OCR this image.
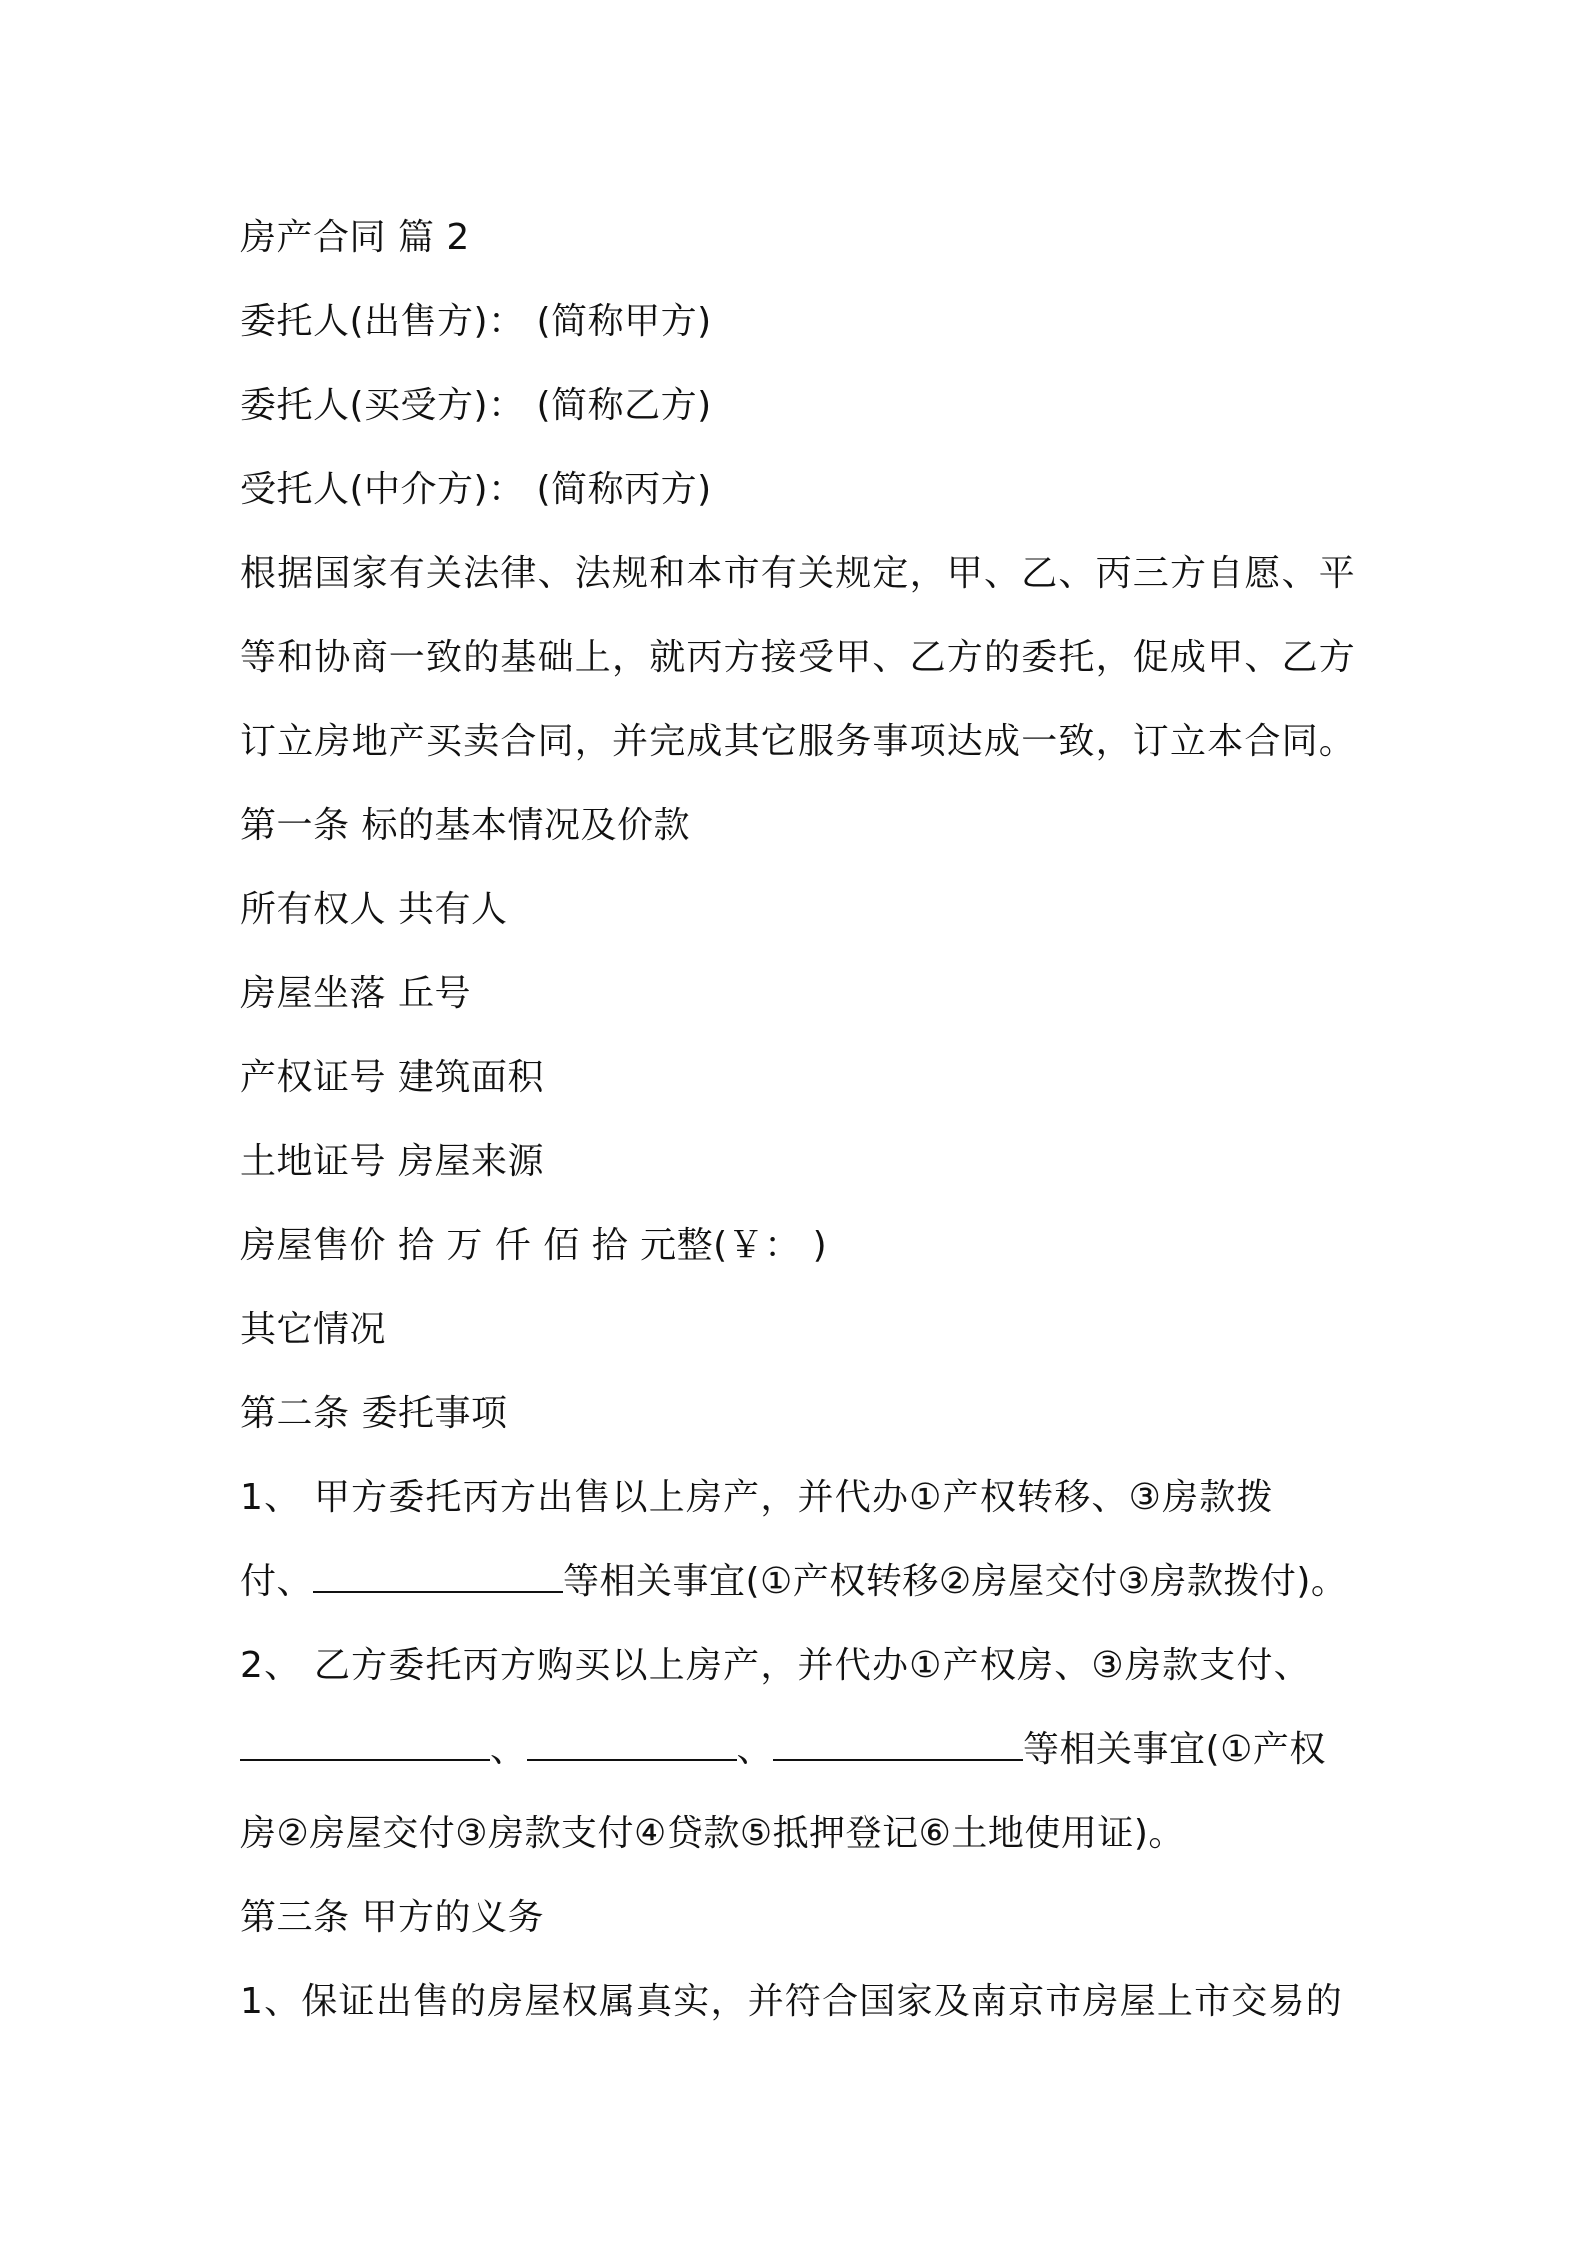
房产合同 篇 2
委托人(出售方)： (简称甲方)
委托人(买受方)： (简称乙方)
受托人(中介方)： (简称丙方)
根据国家有关法律、法规和本市有关规定，甲、乙、丙三方自愿、平
等和协商一致的基础上，就丙方接受甲、乙方的委托，促成甲、乙方
订立房地产买卖合同，并完成其它服务事项达成一致，订立本合同。
第一条 标的基本情况及价款
所有权人 共有人
房屋坐落 丘号
产权证号 建筑面积
土地证号 房屋来源
房屋售价 拾 万 仟 佰 拾 元整(￥： )
其它情况
第二条 委托事项
1、 甲方委托丙方出售以上房产，并代办①产权转移、③房款拨
付、	等相关事宜(①产权转移②房屋交付③房款拨付)。
2、 乙方委托丙方购买以上房产，并代办①产权房、③房款支付、
、	、	等相关事宜(①产权
房②房屋交付③房款支付④贷款⑤抵押登记⑥土地使用证)。
第三条 甲方的义务
1、保证出售的房屋权属真实，并符合国家及南京市房屋上市交易的
